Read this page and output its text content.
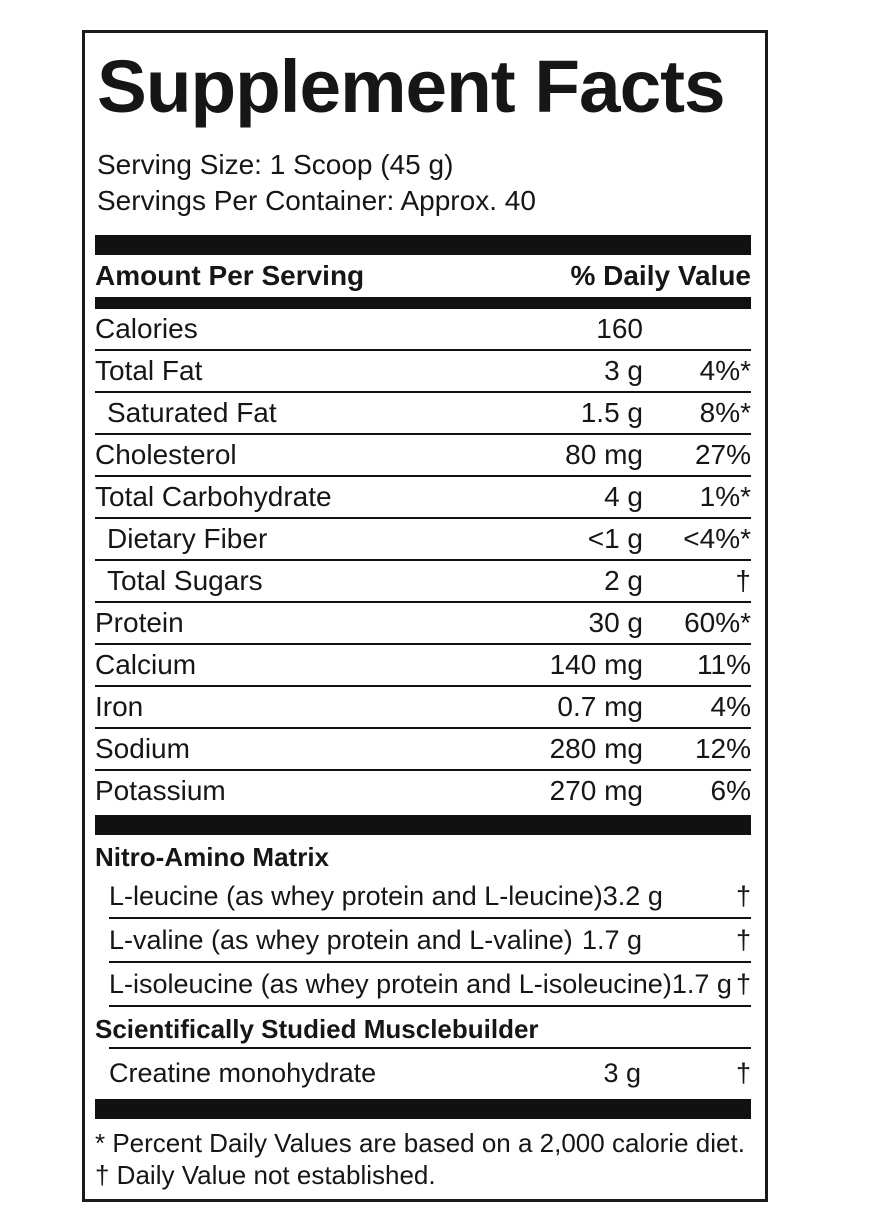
Supplement Facts
Serving Size: 1 Scoop (45 g)
Servings Per Container: Approx. 40
Amount Per Serving	% Daily Value
Calories	160
Total Fat	3 g	4%*
Saturated Fat	1.5 g	8%*
Cholesterol	80 mg	27%
Total Carbohydrate	4 g	1%*
Dietary Fiber	<1 g	<4%*
Total Sugars	2 g	†
Protein	30 g	60%*
Calcium	140 mg	11%
Iron	0.7 mg	4%
Sodium	280 mg	12%
Potassium	270 mg	6%
Nitro-Amino Matrix
L-leucine (as whey protein and L-leucine) 3.2 g	†
L-valine (as whey protein and L-valine) 1.7 g	†
L-isoleucine (as whey protein and L-isoleucine) 1.7 g †
Scientifically Studied Musclebuilder
Creatine monohydrate	3 g	†
* Percent Daily Values are based on a 2,000 calorie diet.
† Daily Value not established.
